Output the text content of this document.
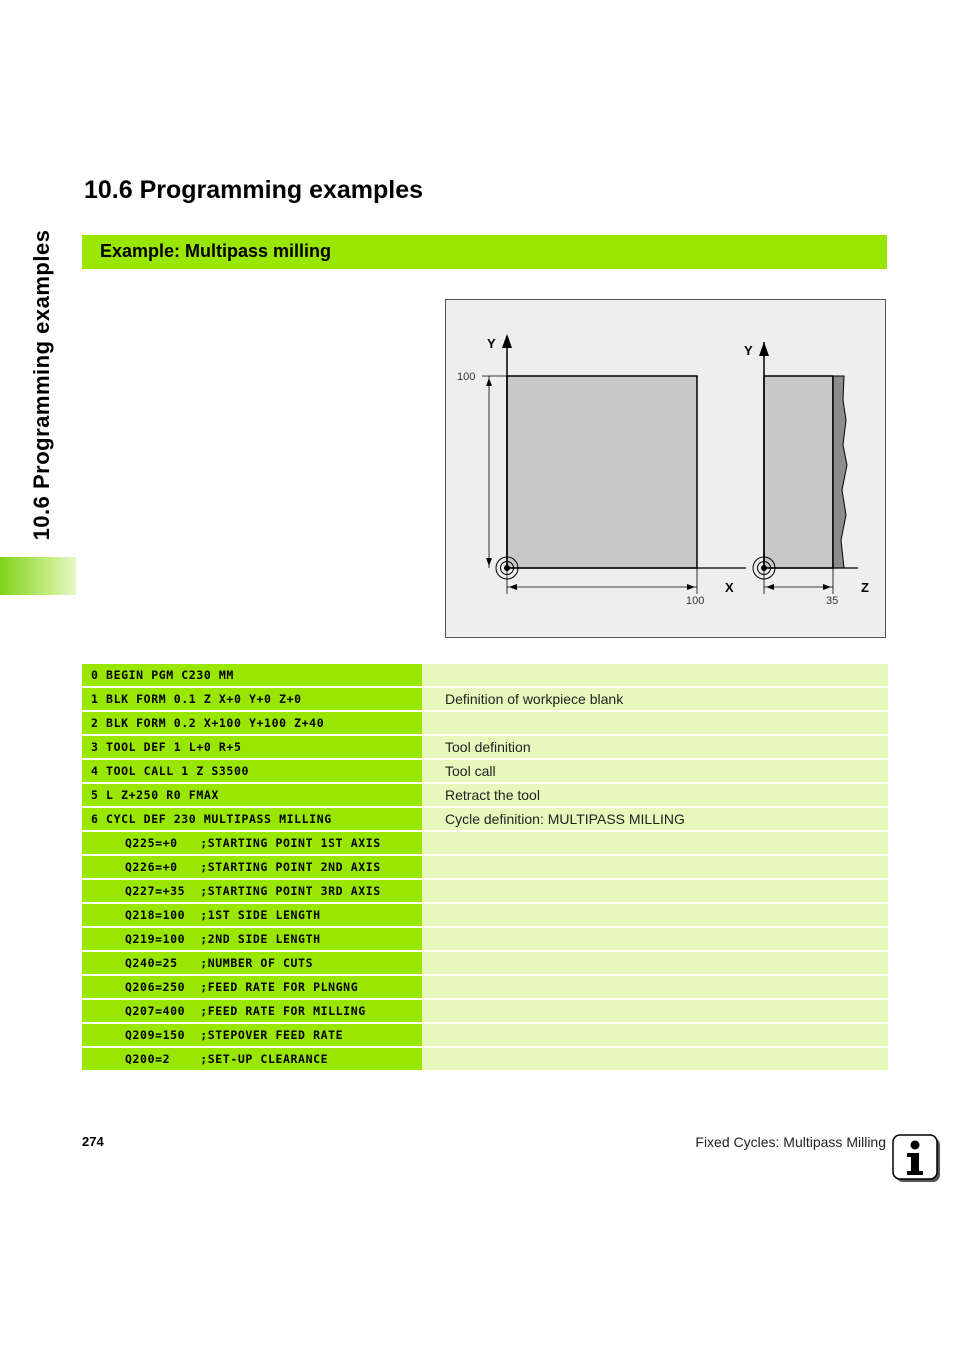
10.6 Programming examples
10.6 Programming examples
Example: Multipass milling
Y
X
100
100
Y
Z
35
0 BEGIN PGM C230 MM
1 BLK FORM 0.1 Z X+0 Y+0 Z+0	Definition of workpiece blank
2 BLK FORM 0.2 X+100 Y+100 Z+40
3 TOOL DEF 1 L+0 R+5	Tool definition
4 TOOL CALL 1 Z S3500	Tool call
5 L Z+250 R0 FMAX	Retract the tool
6 CYCL DEF 230 MULTIPASS MILLING	Cycle definition: MULTIPASS MILLING
Q225=+0   ;STARTING POINT 1ST AXIS
Q226=+0   ;STARTING POINT 2ND AXIS
Q227=+35  ;STARTING POINT 3RD AXIS
Q218=100  ;1ST SIDE LENGTH
Q219=100  ;2ND SIDE LENGTH
Q240=25   ;NUMBER OF CUTS
Q206=250  ;FEED RATE FOR PLNGNG
Q207=400  ;FEED RATE FOR MILLING
Q209=150  ;STEPOVER FEED RATE
Q200=2    ;SET-UP CLEARANCE
274	Fixed Cycles: Multipass Milling
